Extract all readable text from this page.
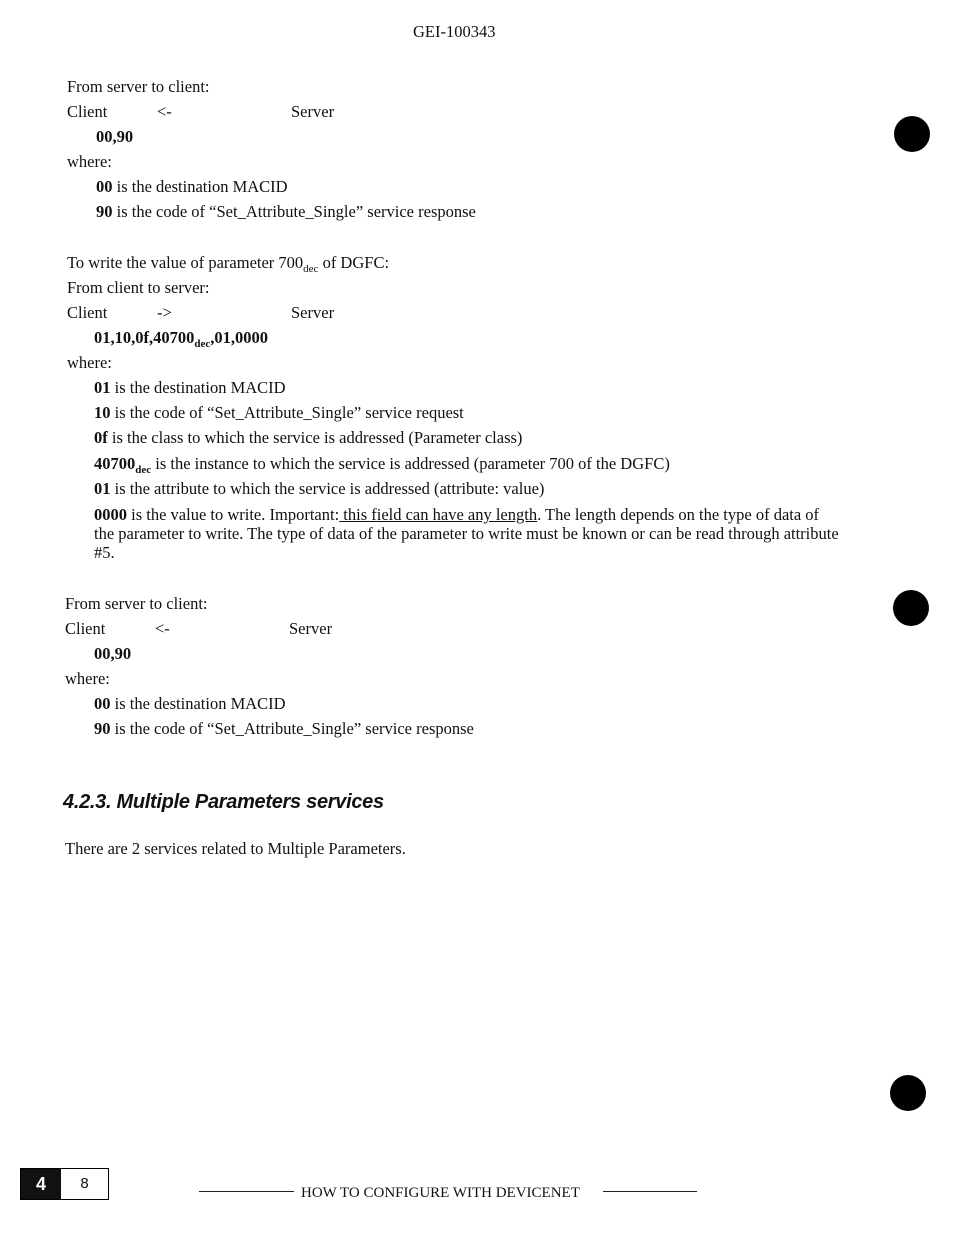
GEI-100343
From server to client:
Client	<-	Server
00,90
where:
00 is the destination MACID
90 is the code of “Set_Attribute_Single” service response
To write the value of parameter $700_{dec}$ of DGFC:
From client to server:
Client	->	Server
$01,10,0f,40700_{dec},01,0000$
where:
01 is the destination MACID
10 is the code of “Set_Attribute_Single” service request
0f is the class to which the service is addressed (Parameter class)
$40700_{dec}$ is the instance to which the service is addressed (parameter 700 of the DGFC)
01 is the attribute to which the service is addressed (attribute: value)
0000 is the value to write. Important: this field can have any length. The length depends on the type of data of the parameter to write. The type of data of the parameter to write must be known or can be read through attribute #5.
From server to client:
Client	<-	Server
00,90
where:
00 is the destination MACID
90 is the code of “Set_Attribute_Single” service response
4.2.3. Multiple Parameters services
There are 2 services related to Multiple Parameters.
4	8
HOW TO CONFIGURE WITH DEVICENET
